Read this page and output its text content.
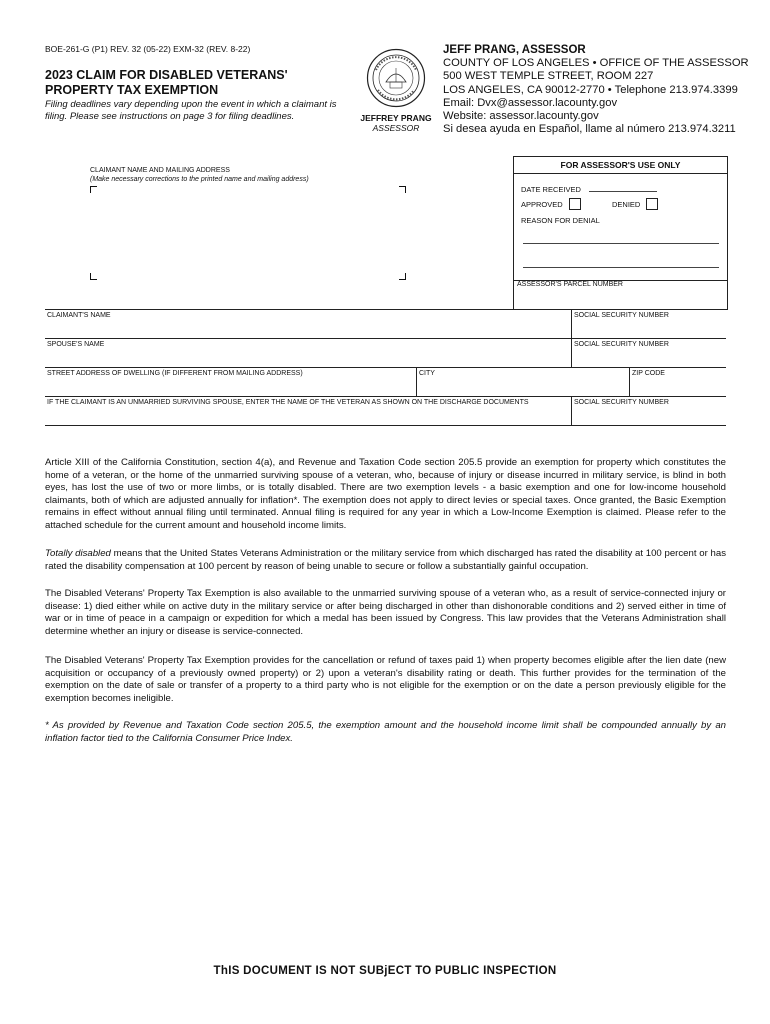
BOE-261-G (P1) REV. 32 (05-22) EXM-32 (REV. 8-22)
2023 CLAIM FOR DISABLED VETERANS'
PROPERTY TAX EXEMPTION
Filing deadlines vary depending upon the event in which a claimant is filing. Please see instructions on page 3 for filing deadlines.	JEFFREY PRANG
ASSESSOR
JEFF PRANG, ASSESSOR
COUNTY OF LOS ANGELES • OFFICE OF THE ASSESSOR
500 WEST TEMPLE STREET, ROOM 227
LOS ANGELES, CA 90012-2770 • Telephone 213.974.3399
Email: Dvx@assessor.lacounty.gov
Website: assessor.lacounty.gov
Si desea ayuda en Español, llame al número 213.974.3211
CLAIMANT NAME AND MAILING ADDRESS
(Make necessary corrections to the printed name and mailing address)
FOR ASSESSOR'S USE ONLY
DATE RECEIVED
APPROVED	DENIED
REASON FOR DENIAL
ASSESSOR'S PARCEL NUMBER
CLAIMANT'S NAME	SOCIAL SECURITY NUMBER
SPOUSE'S NAME	SOCIAL SECURITY NUMBER
STREET ADDRESS OF DWELLING (IF DIFFERENT FROM MAILING ADDRESS)	CITY	ZIP CODE
IF THE CLAIMANT IS AN UNMARRIED SURVIVING SPOUSE, ENTER THE NAME OF THE VETERAN AS SHOWN ON THE DISCHARGE DOCUMENTS	SOCIAL SECURITY NUMBER
Article XIII of the California Constitution, section 4(a), and Revenue and Taxation Code section 205.5 provide an exemption for property which constitutes the home of a veteran, or the home of the unmarried surviving spouse of a veteran, who, because of injury or disease incurred in military service, is blind in both eyes, has lost the use of two or more limbs, or is totally disabled. There are two exemption levels - a basic exemption and one for low-income household claimants, both of which are adjusted annually for inflation*. The exemption does not apply to direct levies or special taxes. Once granted, the Basic Exemption remains in effect without annual filing until terminated. Annual filing is required for any year in which a Low-Income Exemption is claimed. Please refer to the attached schedule for the current amount and household income limits.
Totally disabled means that the United States Veterans Administration or the military service from which discharged has rated the disability at 100 percent or has rated the disability compensation at 100 percent by reason of being unable to secure or follow a substantially gainful occupation.
The Disabled Veterans' Property Tax Exemption is also available to the unmarried surviving spouse of a veteran who, as a result of service-connected injury or disease: 1) died either while on active duty in the military service or after being discharged in other than dishonorable conditions and 2) served either in time of war or in time of peace in a campaign or expedition for which a medal has been issued by Congress. This law provides that the Veterans Administration shall determine whether an injury or disease is service-connected.
The Disabled Veterans' Property Tax Exemption provides for the cancellation or refund of taxes paid 1) when property becomes eligible after the lien date (new acquisition or occupancy of a previously owned property) or 2) upon a veteran's disability rating or death. This further provides for the termination of the exemption on the date of sale or transfer of a property to a third party who is not eligible for the exemption or on the date a person previously eligible for the exemption becomes ineligible.
* As provided by Revenue and Taxation Code section 205.5, the exemption amount and the household income limit shall be compounded annually by an inflation factor tied to the California Consumer Price Index.
ThIS DOCUMENT IS NOT SUBjECT TO PUBLIC INSPECTION
